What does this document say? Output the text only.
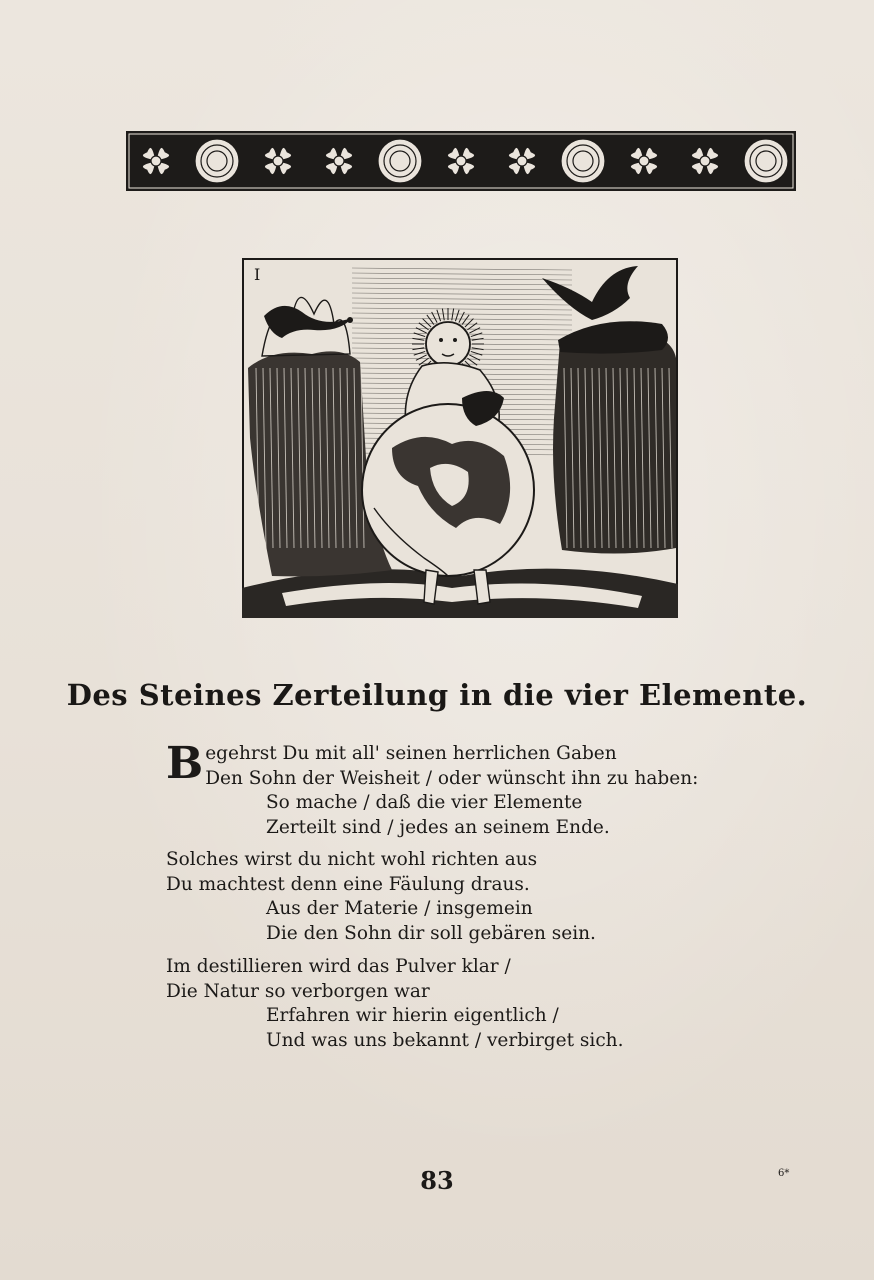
I
Des Steines Zerteilung in die vier Elemente.
B egehrst Du mit all' seinen herrlichen Gaben
Den Sohn der Weisheit / oder wünscht ihn zu haben:
So mache / daß die vier Elemente
Zerteilt sind / jedes an seinem Ende.
Solches wirst du nicht wohl richten aus
Du machtest denn eine Fäulung draus.
Aus der Materie / insgemein
Die den Sohn dir soll gebären sein.
Im destillieren wird das Pulver klar /
Die Natur so verborgen war
Erfahren wir hierin eigentlich /
Und was uns bekannt / verbirget sich.
83	6*
